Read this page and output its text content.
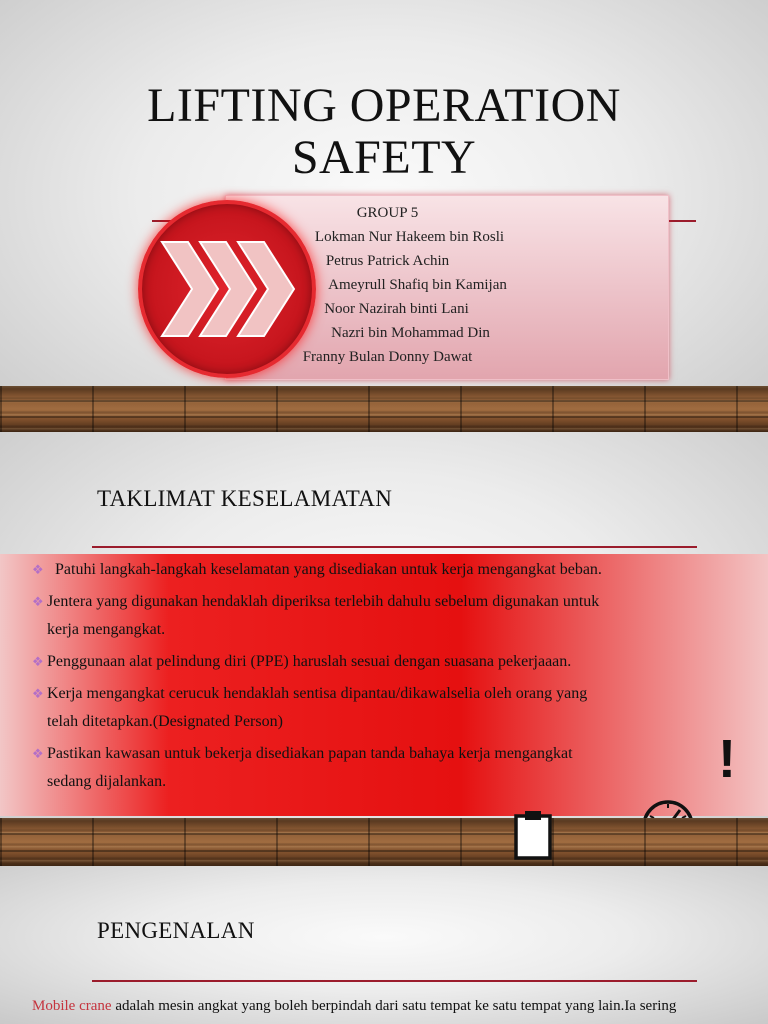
LIFTING OPERATION
SAFETY
GROUP 5
Lokman Nur Hakeem bin Rosli
Petrus Patrick Achin
Ameyrull Shafiq bin Kamijan
Noor Nazirah binti Lani
Nazri bin Mohammad Din
Franny Bulan Donny Dawat
TAKLIMAT KESELAMATAN
❖ Patuhi langkah-langkah keselamatan yang disediakan untuk kerja mengangkat beban.
❖ Jentera yang digunakan hendaklah diperiksa terlebih dahulu sebelum digunakan untuk
kerja mengangkat.
❖ Penggunaan alat pelindung diri (PPE) haruslah sesuai dengan suasana pekerjaaan.
❖ Kerja mengangkat cerucuk hendaklah sentisa dipantau/dikawalselia oleh orang yang
telah ditetapkan.(Designated Person)
❖ Pastikan kawasan untuk bekerja disediakan papan tanda bahaya kerja mengangkat
sedang dijalankan.	!
PENGENALAN
Mobile crane adalah mesin angkat yang boleh berpindah dari satu tempat ke satu tempat yang lain.Ia sering
